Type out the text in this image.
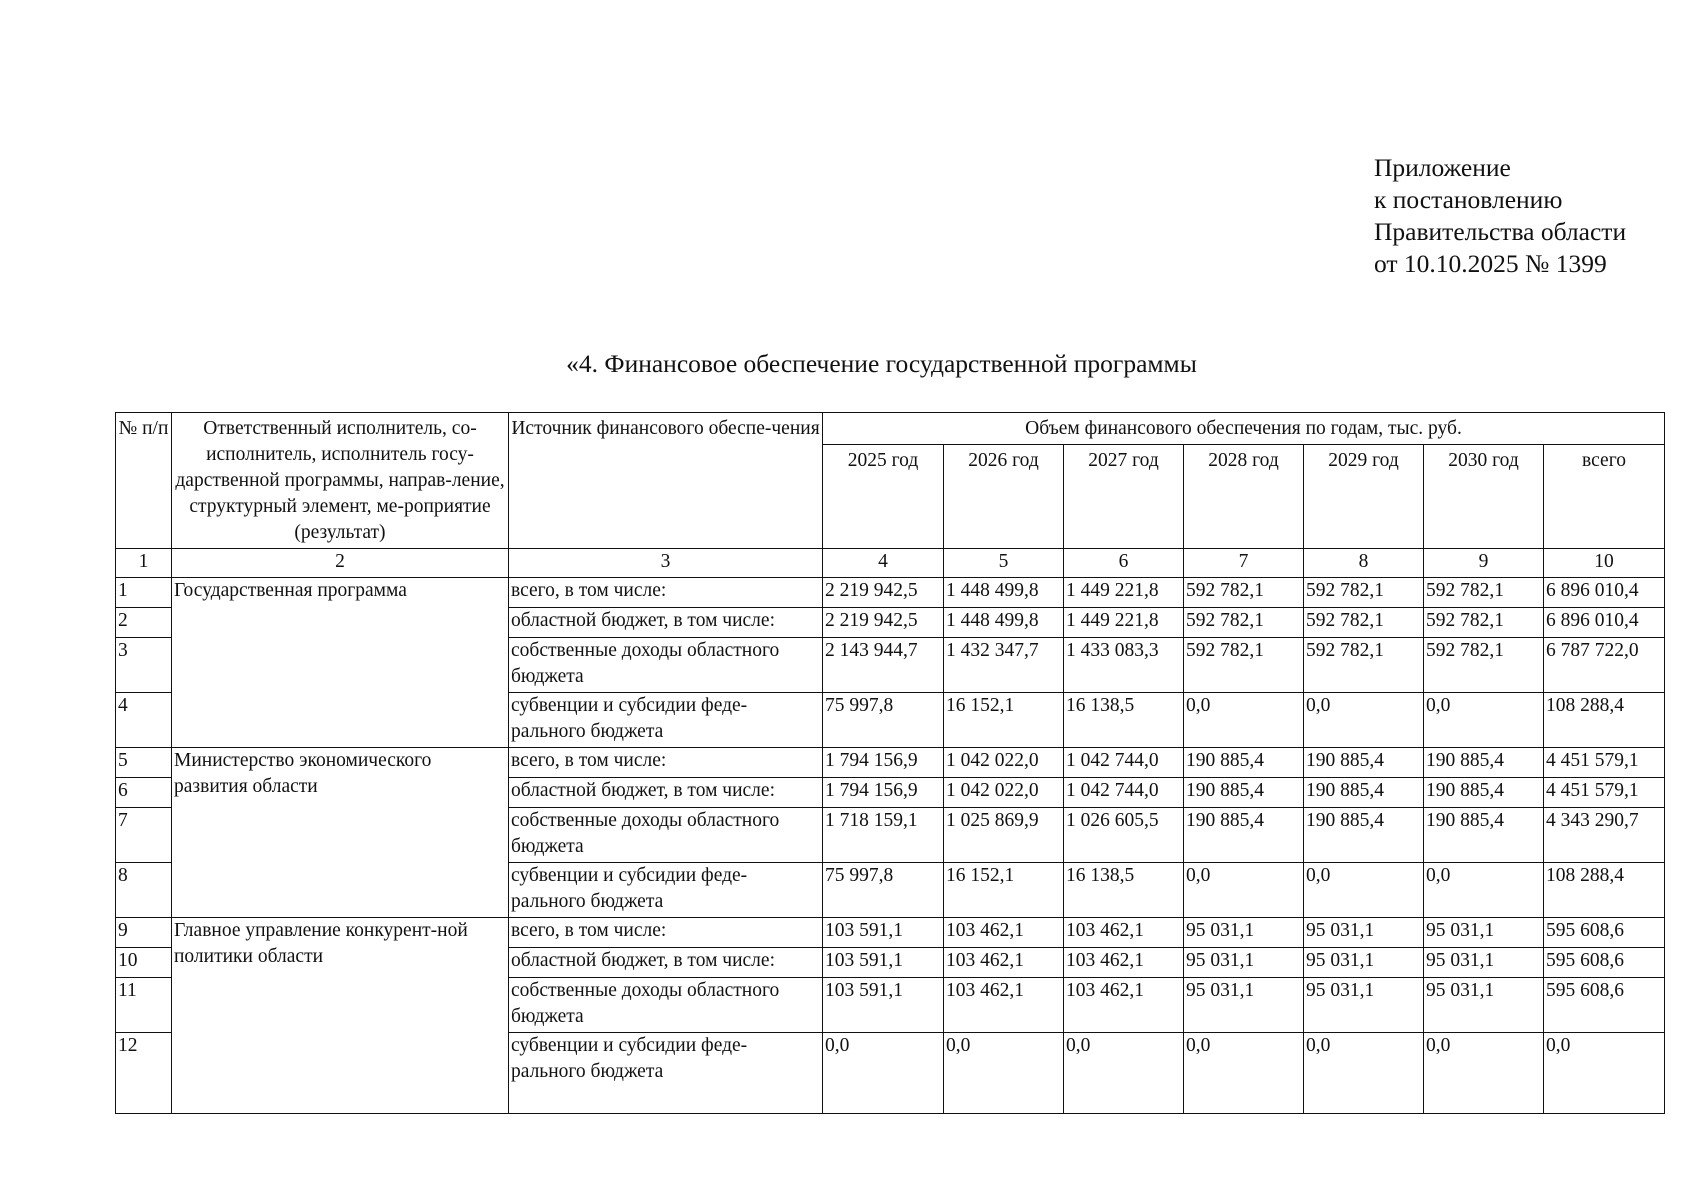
Приложение
к постановлению
Правительства области
от 10.10.2025 № 1399
«4. Финансовое обеспечение государственной программы
№ п/п	Ответственный исполнитель, со-исполнитель, исполнитель госу-дарственной программы, направ-ление, структурный элемент, ме-роприятие (результат)	Источник финансового обеспе-чения	Объем финансового обеспечения по годам, тыс. руб.						
			2025 год	2026 год	2027 год	2028 год	2029 год	2030 год	всего
1	2	3	4	5	6	7	8	9	10
1	Государственная программа	всего, в том числе:	2 219 942,5	1 448 499,8	1 449 221,8	592 782,1	592 782,1	592 782,1	6 896 010,4
2		областной бюджет, в том числе:	2 219 942,5	1 448 499,8	1 449 221,8	592 782,1	592 782,1	592 782,1	6 896 010,4
3		собственные доходы областного бюджета	2 143 944,7	1 432 347,7	1 433 083,3	592 782,1	592 782,1	592 782,1	6 787 722,0
4		субвенции и субсидии феде-рального бюджета	75 997,8	16 152,1	16 138,5	0,0	0,0	0,0	108 288,4
5	Министерство экономического развития области	всего, в том числе:	1 794 156,9	1 042 022,0	1 042 744,0	190 885,4	190 885,4	190 885,4	4 451 579,1
6		областной бюджет, в том числе:	1 794 156,9	1 042 022,0	1 042 744,0	190 885,4	190 885,4	190 885,4	4 451 579,1
7		собственные доходы областного бюджета	1 718 159,1	1 025 869,9	1 026 605,5	190 885,4	190 885,4	190 885,4	4 343 290,7
8		субвенции и субсидии феде-рального бюджета	75 997,8	16 152,1	16 138,5	0,0	0,0	0,0	108 288,4
9	Главное управление конкурент-ной политики области	всего, в том числе:	103 591,1	103 462,1	103 462,1	95 031,1	95 031,1	95 031,1	595 608,6
10		областной бюджет, в том числе:	103 591,1	103 462,1	103 462,1	95 031,1	95 031,1	95 031,1	595 608,6
11		собственные доходы областного бюджета	103 591,1	103 462,1	103 462,1	95 031,1	95 031,1	95 031,1	595 608,6
12		субвенции и субсидии феде-рального бюджета	0,0	0,0	0,0	0,0	0,0	0,0	0,0
